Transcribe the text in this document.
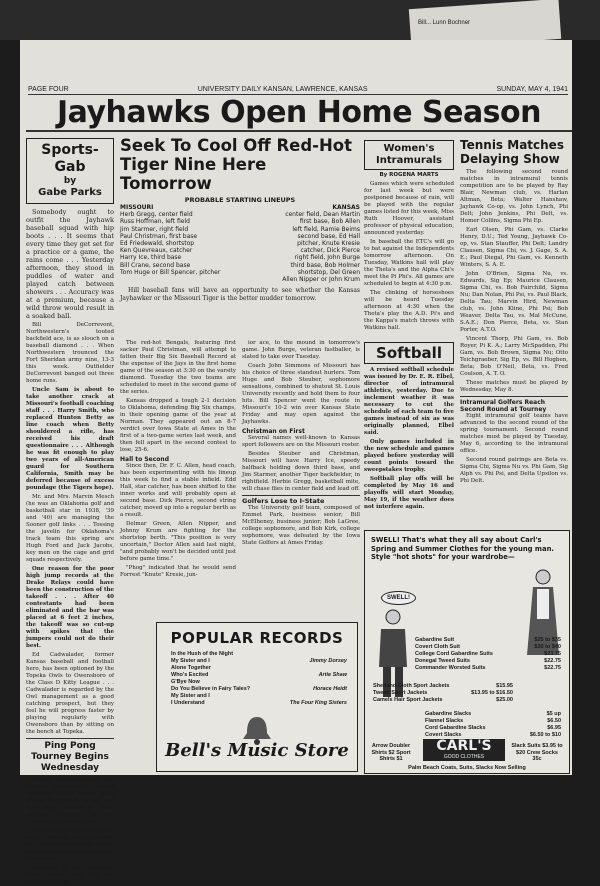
Bill... Lunn Bochner
PAGE FOUR	UNIVERSITY DAILY KANSAN, LAWRENCE, KANSAS	SUNDAY, MAY 4, 1941
Jayhawks Open Home Season
Sports-Gab
by
Gabe Parks

Somebody ought to outfit the Jayhawk baseball squad with hip boots . . . It seems that every time they get set for a practice or a game, the rains come . . . Yesterday afternoon, they stood in puddles of water and played catch between showers . . . Accuracy was at a premium, because a wild throw would result in a soaked ball.

Bill DeCorrevont, Northwestern's touted backfield ace, is as slouch on a baseball diamond . . . When Northwestern trounced the Fort Sheridan army nine, 13-3 this week. Outfielder DeCorrevont banged out three home runs.

Uncle Sam is about to take another crack at Missouri's football coaching staff . . . Harry Smith, who replaced Hunton Betty as line coach when Betty shouldered a rifle, has received his draft questionnaire . . . Although he was fit enough to play two years of all-American guard for Southern California, Smith may be deferred because of excess poundage (the Tigers hope).

Mr. and Mrs. Marvin Mesch (he was an Oklahoma golf and basketball star in 1938, '39 and '40) are managing the Sooner golf links . . . Tossing the javelin for Oklahoma's track team this spring are Hugh Ford and Jack Jacobs, key men on the cage and grid squads respectively.

One reason for the poor high jump records at the Drake Relays could have been the construction of the takeoff . . . After 40 contestants had been eliminated and the bar was placed at 6 feet 2 inches, the takeoff was so cut-up with spikes that the jumpers could not do their best.

Ed Cadwalader, former Kansas baseball and football hero, has been optioned by the Topeka Owls to Owensboro of the Class D Kitty League . . . Cadwalader is regarded by the Owl management as a good catching prospect, but they feel he will progress faster by playing regularly with Owensboro than by sitting on the bench at Topeka.

Ping Pong Tourney Begins Wednesday

Twenty six singles and five doubles teams were entered yesterday in the spring table tennis tournament to be held this week, recreation room officials reported at the Memorial Union building.

Following the entry deadline set for Monday night, brackets will be drawn up with actual competition scheduled to begin Wednesday.

Members of the University table tennis team are not eligible to com-

Seek To Cool Off Red-Hot Tiger Nine Here Tomorrow
PROBABLE STARTING LINEUPS
MISSOURI	KANSAS
Herb Gregg, center field	center field, Dean Martin
Russ Hoffman, left field	first base, Bob Allen
Jim Starmer, right field	left field, Ramie Beims
Paul Christman, first base	second base, Ed Hall
Ed Friedewald, shortstop	pitcher, Knute Kresie
Ken Quevreaux, catcher	catcher, Dick Pierce
Harry Ice, third base	right field, John Burge
Bill Crane, second base	third base, Bob Holmer
Tom Huge or Bill Spencer, pitcher	shortstop, Del Green
	Allen Nipper or John Krum
Hill baseball fans will have an opportunity to see whether the Kansas Jayhawker or the Missouri Tiger is the better mudder tomorrow.

The red-hot Bengals, featuring first sacker Paul Christman, will attempt to fatten their Big Six Baseball Record at the expense of the Jays in the first home game of the season at 3:30 on the varsity diamond. Tuesday the two teams are scheduled to meet in the second game of the series.

Kansas dropped a tough 2-1 decision to Oklahoma, defending Big Six champs, in their opening game of the year at Norman. They appeared out an 8-7 verdict over Iowa State at Ames in the first of a two-game series last week, and then fell apart in the second contest to lose, 25-6.

Hall to Second

Since then, Dr. F. C. Allen, head coach, has been experimenting with his lineup this week to find a stable infield. Edd Hall, star catcher, has been shifted to the inner works and will probably open at second base. Dick Pierce, second string catcher, moved up into a regular berth as a result.

Delmar Green, Allen Nipper, and Johnny Krum are fighting for the shortstop berth. "This position is very uncertain," Doctor Allen said last night, "and probably won't be decided until just before game time."

"Phog" indicated that he would send Forrest "Knute" Kresie, jun-

ior ace, to the mound in tomorrow's game. John Burge, veteran fastballer, is slated to take over Tuesday.

Coach John Simmons of Missouri has his choice of three standout hurlers. Tom Huge and Bob Steuber, sophomore sensations, combined to shutout St. Louis University recently and hold them to four hits. Bill Spencer went the route in Missouri's 10-2 win over Kansas State Friday and may open against the Jayhawks.

Christman on First

Several names well-known to Kansas sport followers are on the Missouri roster.

Besides Steuber and Christman, Missouri will have Harry Ice, speedy halfback holding down third base, and Jim Starmer, another Tiger backfielder, in rightfield. Herbie Gregg, basketball mite, will chase flies in center field and lead off.

Golfers Lose to I-State

The University golf team, composed of Emmet Park, business senior; Bill McElheney, business junior; Bob LaGree, college sophomore, and Bob Kirk, college sophomore, was defeated by the Iowa State Golfers at Ames Friday.

Women's Intramurals
By ROGENA MARTS

Games which were scheduled for last week but were postponed because of rain, will be played with the regular games listed for this week, Miss Ruth Hoover, assistant professor of physical education, announced yesterday.

In baseball the ETC's will go to bat against the Independents tomorrow afternoon. On Tuesday, Watkins hall will play the Theta's and the Alpha Chi's meet the Pi Phi's. All games are scheduled to begin at 4:30 p.m.

The clinking of horseshoes will be heard Tuesday afternoon at 4:30 when the Theta's play the A.D. Pi's and the Kappa's match throws with Watkins hall.

Softball

A revised softball schedule was issued by Dr. E. R. Elbel, director of intramural athletics, yesterday. Due to inclement weather it was necessary to cut the schedule of each team to five games instead of six as was originally planned, Elbel said.

Only games included in the new schedule and games played before yesterday will count points toward the sweepstakes trophy.

Softball play offs will be completed by May 16 and playoffs will start Monday, May 19, if the weather does not interfere again.

Tennis Matches Delaying Show

The following second round matches in intramural tennis competition are to be played by Ray Blair, Newman club, vs. Harlan Altman, Beta; Walter Hanshaw, Jayhawk Co-op, vs. John Lynch, Phi Delt; John Jenkins, Phi Delt, vs. Homer Collins, Sigma Phi Ep.

Earl Olsen, Phi Gam, vs. Clarke Henry, D.U.; Ted Young, Jayhawk Co-op, vs. Stan Stauffer, Phi Delt; Landry Clausen, Sigma Chi, vs. J. Gage, S. A. E.; Paul Diegal, Phi Gam, vs. Kenneth Winters, S. A. E.

John O'Brien, Sigma Nu, vs. Edwards, Sig Ep; Maurice Clausen, Sigma Chi, vs. Bob Fairchild, Sigma Nu; Dan Nolan, Phi Psi, vs. Paul Black, Delta Tau; Marvin Hird, Newman club, vs. John Kline, Phi Psi; Bob Weaver, Delta Tau, vs. Mal McCune, S.A.E.; Don Pierce, Beta, vs. Stan Porter, A.T.O.

Vincent Thorp, Phi Gam, vs. Bob Royer, Pi K. A.; Larry McSpadden, Phi Gam, vs. Bob Brown, Sigma Nu; Otto Teichgraeber, Sig Ep, vs. Bill Hogben, Beta; Bob O'Neil, Beta, vs. Fred Coulson, A. T. O.

These matches must be played by Wednesday, May 8.

Intramural Golfers Reach Second Round at Tourney

Eight intramural golf teams have advanced to the second round of the spring tournament. Second round matches must be played by Tuesday, May 6, according to the intramural office.

Second round pairings are Beta vs. Sigma Chi, Sigma Nu vs. Phi Gam, Sig Alph vs. Phi Psi, and Delta Upsilon vs. Phi Delt.

POPULAR RECORDS
In the Hush of the Night
My Sister and I	Jimmy Dorsey
Alone Together
Who's Excited	Artie Shaw
G'Bye Now
Do You Believe in Fairy Tales?	Horace Heidt
My Sister and I
I Understand	The Four King Sisters
Bell's Music Store
SWELL! That's what they all say about Carl's Spring and Summer Clothes for the young man. Style "hot shots" for your wardrobe—
SWELL!
Gabardine Suit	$25 to $35
Covert Cloth Suit	$30 to $40
College Cord Gabardine Suits	$23.75
Donegal Tweed Suits	$22.75
Commander Worsted Suits	$22.75
Shetland Cloth Sport Jackets	$15.95
Tweed Sport Jackets	$13.95 to $16.50
Camels Hair Sport Jackets	$25.00
Gabardine Slacks	$5 up
Flannel Slacks	$6.50
Cord Gabardine Slacks	$6.95
Covert Slacks	$6.50 to $10
Arrow Doubler Shirts $2 Sport Shirts $1
CARL'S
GOOD CLOTHES
Slack Suits $3.95 to $20 Crew Socks 35c
Palm Beach Coats, Suits, Slacks Now Selling
